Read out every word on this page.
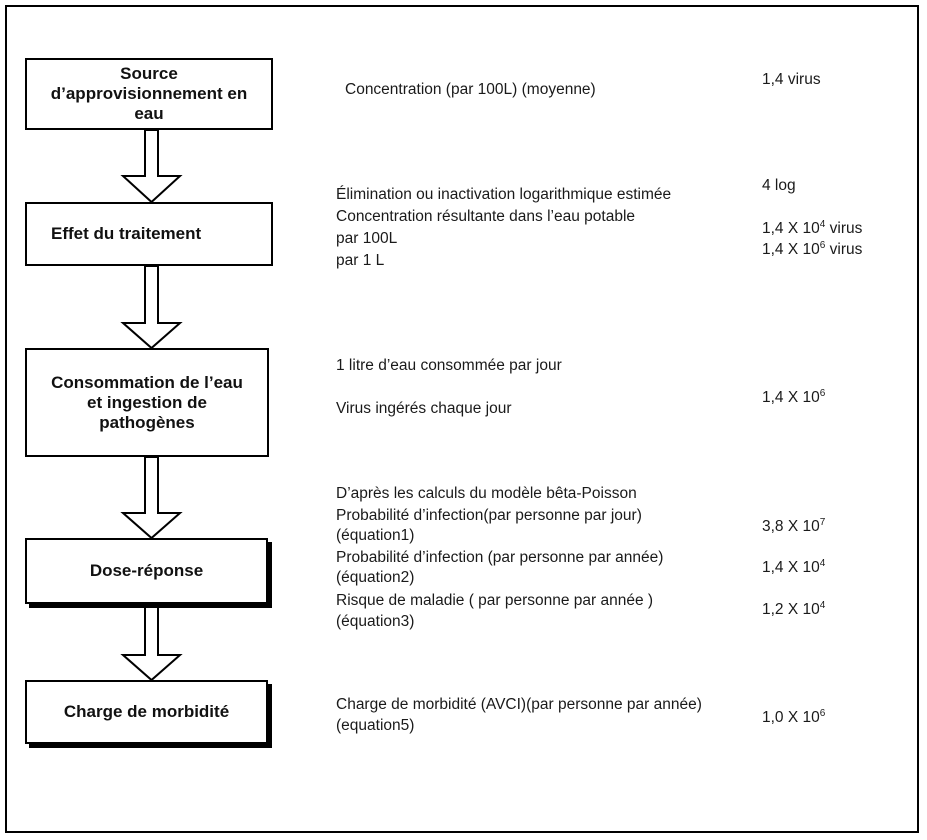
Source d’approvisionnement en eau
Effet du traitement
Consommation de l’eau et ingestion de pathogènes
Dose-réponse
Charge de morbidité
Concentration (par 100L) (moyenne)
1,4 virus
Élimination ou inactivation logarithmique estimée
Concentration résultante dans l’eau potable
par 100L
par 1 L
4 log
1,4 X $10^4$ virus
1,4 X $10^6$ virus
1 litre d’eau consommée par jour
Virus ingérés chaque jour
1,4 X $10^6$
D’après les calculs du modèle bêta-Poisson
Probabilité d’infection(par personne par jour)
(équation1)
Probabilité d’infection (par personne par année)
(équation2)
Risque de maladie ( par personne par année )
(équation3)
3,8 X $10^7$
1,4 X $10^4$
1,2 X $10^4$
Charge de morbidité (AVCI)(par personne par année)
(equation5)	1,0 X $10^6$
